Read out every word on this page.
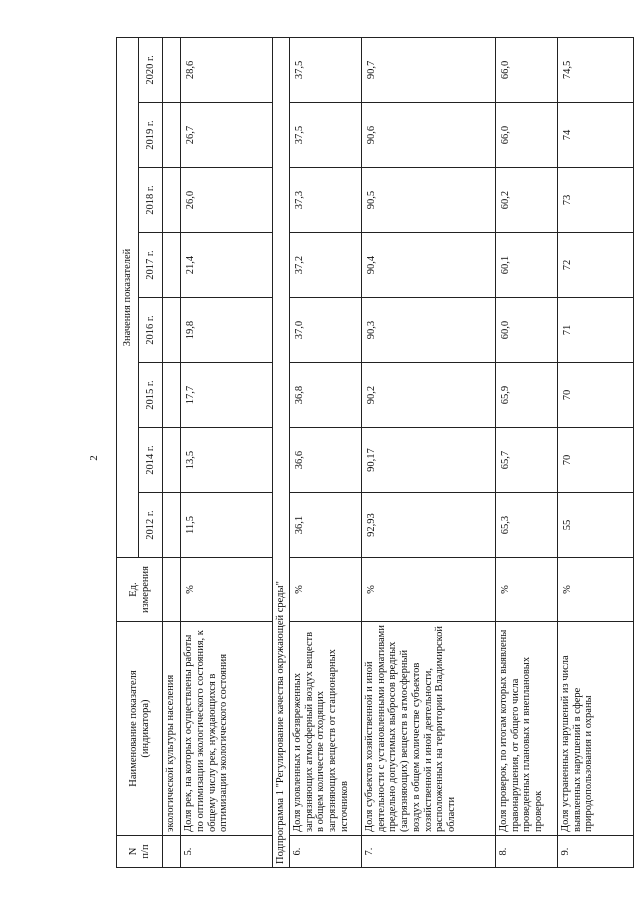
2
N
п/п	Наименование показателя
(индикатора)	Ед.
измерения	Значения показателей							
			2012 г.	2014 г.	2015 г.	2016 г.	2017 г.	2018 г.	2019 г.	2020 г.
	экологической культуры населения									
5.	Доля рек, на которых осуществлены работы по оптимизации экологического состояния, к общему числу рек, нуждающихся в оптимизации экологического состояния	%	11,5	13,5	17,7	19,8	21,4	26,0	26,7	28,6
Подпрограмма 1 "Регулирование качества окружающей среды"										
6.	Доля уловленных и обезвреженных загрязняющих атмосферный воздух веществ в общем количестве отходящих загрязняющих веществ от стационарных источников	%	36,1	36,6	36,8	37,0	37,2	37,3	37,5	37,5
7.	Доля субъектов хозяйственной и иной деятельности с установленными нормативами предельно допустимых выбросов вредных (загрязняющих) веществ в атмосферный воздух в общем количестве субъектов хозяйственной и иной деятельности, расположенных на территории Владимирской области	%	92,93	90,17	90,2	90,3	90,4	90,5	90,6	90,7
8.	Доля проверок, по итогам которых выявлены правонарушения, от общего числа проведенных плановых и внеплановых проверок	%	65,3	65,7	65,9	60,0	60,1	60,2	66,0	66,0
9.	Доля устраненных нарушений из числа выявленных нарушений в сфере природопользования и охраны	%	55	70	70	71	72	73	74	74,5
